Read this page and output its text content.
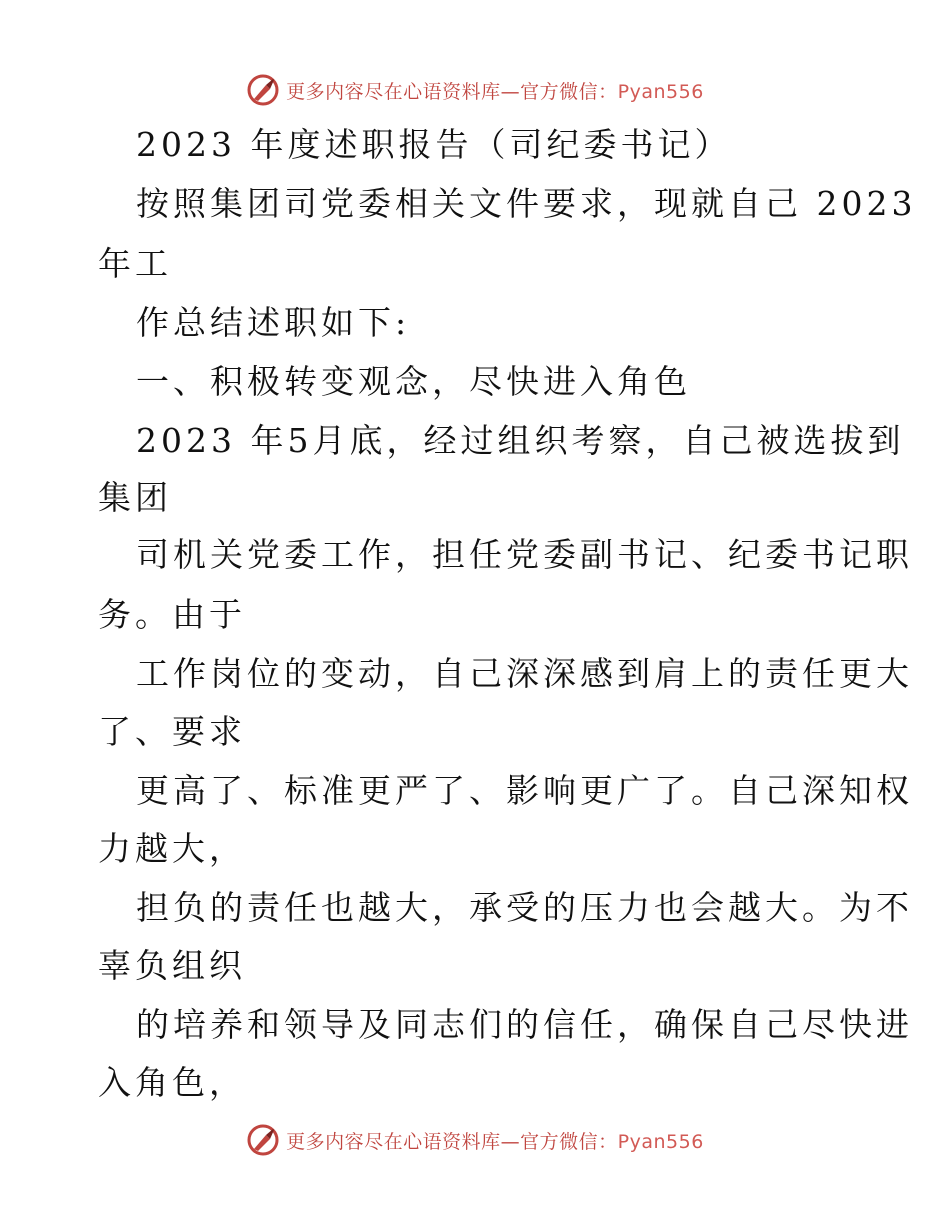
更多内容尽在心语资料库—官方微信：Pyan556
2023 年度述职报告（司纪委书记）
按照集团司党委相关文件要求，现就自己 2023
年工
作总结述职如下:
一、积极转变观念，尽快进入角色
2023 年5月底，经过组织考察，自己被选拔到
集团
司机关党委工作，担任党委副书记、纪委书记职
务。由于
工作岗位的变动，自己深深感到肩上的责任更大
了、要求
更高了、标准更严了、影响更广了。自己深知权
力越大，
担负的责任也越大，承受的压力也会越大。为不
辜负组织
的培养和领导及同志们的信任，确保自己尽快进
入角色，
更多内容尽在心语资料库—官方微信：Pyan556
